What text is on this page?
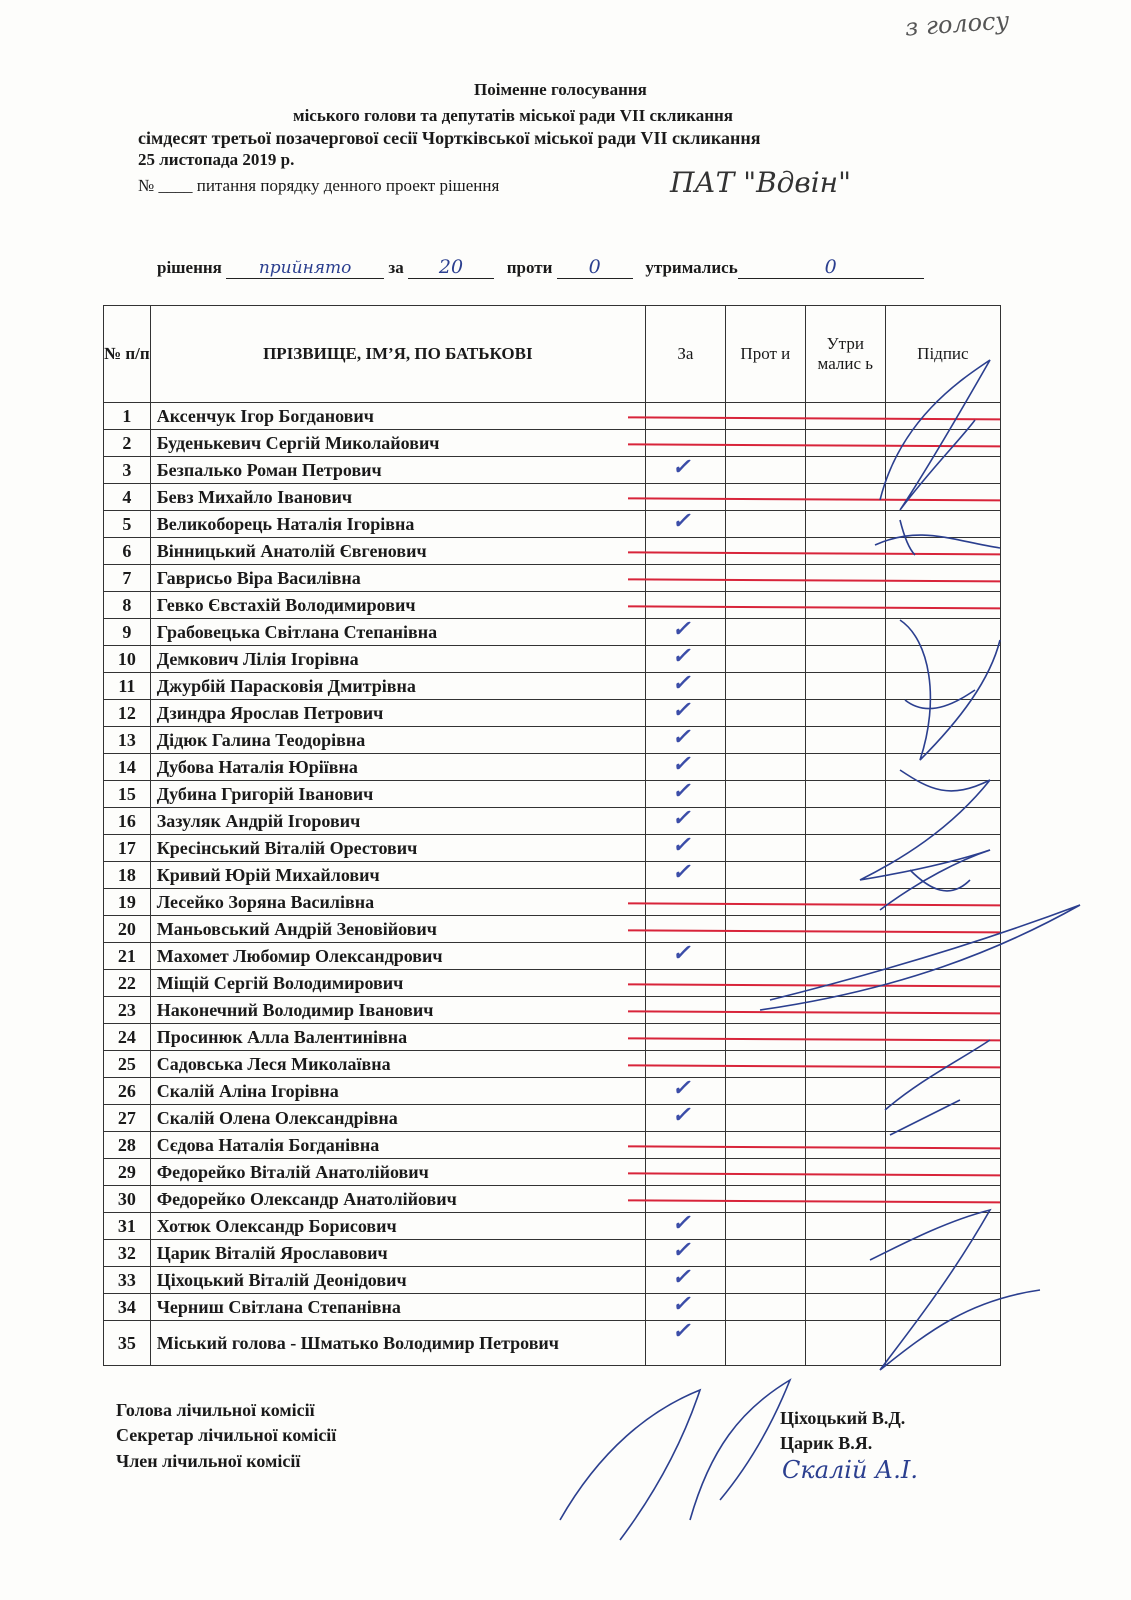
з голосу
Поіменне голосування
міського голови та депутатів міської ради VII скликання
сімдесят третьої позачергової сесії Чортківської міської ради VII скликання
25 листопада 2019 р.
№ ____ питання порядку денного проект рішення	ПАТ "Вдвін"
рішення прийнято за 20	проти 0	утримались	0
№ п/п	ПРІЗВИЩЕ, ІМ’Я, ПО БАТЬКОВІ	За	Прот и	Утри малис ь	Підпис
1	Аксенчук Ігор Богданович				
2	Буденькевич Сергій Миколайович				
3	Безпалько Роман Петрович	✓			

4	Бевз Михайло Іванович				
5	Великоборець Наталія Ігорівна	✓			

6	Вінницький Анатолій Євгенович				
7	Гаврисьо Віра Василівна				
8	Гевко Євстахій Володимирович				
9	Грабовецька Світлана Степанівна	✓			

10	Демкович Лілія Ігорівна	✓			

11	Джурбій Парасковія Дмитрівна	✓			

12	Дзиндра Ярослав Петрович	✓			

13	Дідюк Галина Теодорівна	✓			

14	Дубова Наталія Юріївна	✓			

15	Дубина Григорій Іванович	✓			

16	Зазуляк Андрій Ігорович	✓			

17	Кресінський Віталій Орестович	✓			

18	Кривий Юрій Михайлович	✓			

19	Лесейко Зоряна Василівна				
20	Маньовський Андрій Зеновійович				
21	Махомет Любомир Олександрович	✓			

22	Міщій Сергій Володимирович				
23	Наконечний Володимир Іванович				
24	Просинюк Алла Валентинівна				
25	Садовська Леся Миколаївна				
26	Скалій Аліна Ігорівна	✓			

27	Скалій Олена Олександрівна	✓			

28	Сєдова Наталія Богданівна				
29	Федорейко Віталій Анатолійович				
30	Федорейко Олександр Анатолійович				
31	Хотюк Олександр Борисович	✓			

32	Царик Віталій Ярославович	✓			

33	Ціхоцький Віталій Деонідович	✓			

34	Черниш Світлана Степанівна	✓			

35	Міський голова - Шматько Володимир Петрович	✓			

Голова лічильної комісії
Секретар лічильної комісії
Член лічильної комісії
Ціхоцький В.Д.
Царик В.Я.
Скалій А.І.
